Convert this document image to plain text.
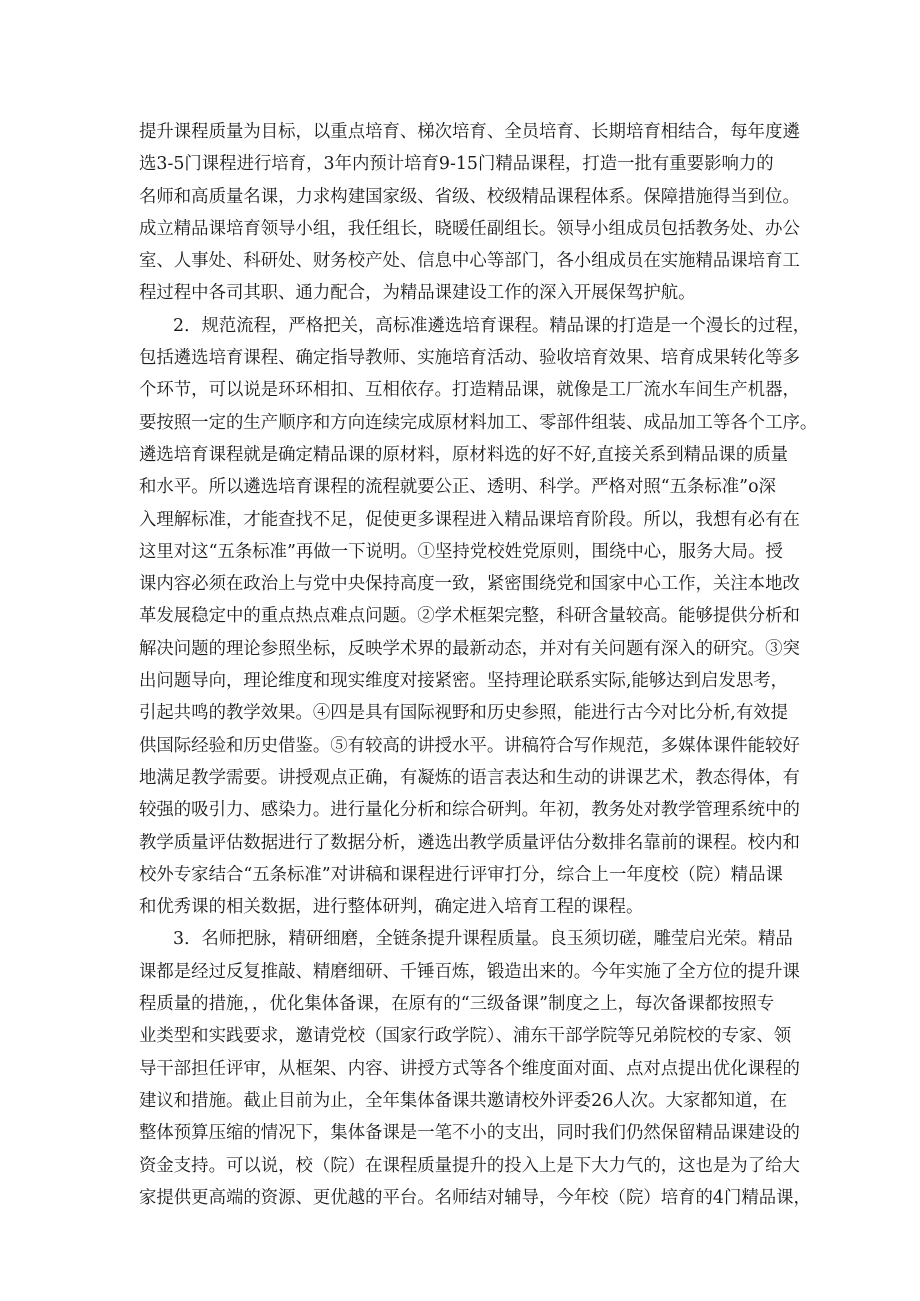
提升课程质量为目标，以重点培育、梯次培育、全员培育、长期培育相结合，每年度遴
选3-5门课程进行培育，3年内预计培育9-15门精品课程，打造一批有重要影响力的
名师和高质量名课，力求构建国家级、省级、校级精品课程体系。保障措施得当到位。
成立精品课培育领导小组，我任组长，晓暖任副组长。领导小组成员包括教务处、办公
室、人事处、科研处、财务校产处、信息中心等部门，各小组成员在实施精品课培育工
程过程中各司其职、通力配合，为精品课建设工作的深入开展保驾护航。
2．规范流程，严格把关，高标准遴选培育课程。精品课的打造是一个漫长的过程，
包括遴选培育课程、确定指导教师、实施培育活动、验收培育效果、培育成果转化等多
个环节，可以说是环环相扣、互相依存。打造精品课，就像是工厂流水车间生产机器，
要按照一定的生产顺序和方向连续完成原材料加工、零部件组装、成品加工等各个工序。
遴选培育课程就是确定精品课的原材料，原材料选的好不好,直接关系到精品课的质量
和水平。所以遴选培育课程的流程就要公正、透明、科学。严格对照“五条标准”o深
入理解标准，才能查找不足，促使更多课程进入精品课培育阶段。所以，我想有必有在
这里对这“五条标准”再做一下说明。①坚持党校姓党原则，围绕中心，服务大局。授
课内容必须在政治上与党中央保持高度一致，紧密围绕党和国家中心工作，关注本地改
革发展稳定中的重点热点难点问题。②学术框架完整，科研含量较高。能够提供分析和
解决问题的理论参照坐标，反映学术界的最新动态，并对有关问题有深入的研究。③突
出问题导向，理论维度和现实维度对接紧密。坚持理论联系实际,能够达到启发思考，
引起共鸣的教学效果。④四是具有国际视野和历史参照，能进行古今对比分析,有效提
供国际经验和历史借鉴。⑤有较高的讲授水平。讲稿符合写作规范，多媒体课件能较好
地满足教学需要。讲授观点正确，有凝炼的语言表达和生动的讲课艺术，教态得体，有
较强的吸引力、感染力。进行量化分析和综合研判。年初，教务处对教学管理系统中的
教学质量评估数据进行了数据分析，遴选出教学质量评估分数排名靠前的课程。校内和
校外专家结合“五条标准”对讲稿和课程进行评审打分，综合上一年度校（院）精品课
和优秀课的相关数据，进行整体研判，确定进入培育工程的课程。
3．名师把脉，精研细磨，全链条提升课程质量。良玉须切磋，雕莹启光荣。精品
课都是经过反复推敲、精磨细研、千锤百炼，锻造出来的。今年实施了全方位的提升课
程质量的措施，，优化集体备课，在原有的“三级备课”制度之上，每次备课都按照专
业类型和实践要求，邀请党校（国家行政学院）、浦东干部学院等兄弟院校的专家、领
导干部担任评审，从框架、内容、讲授方式等各个维度面对面、点对点提出优化课程的
建议和措施。截止目前为止，全年集体备课共邀请校外评委26人次。大家都知道，在
整体预算压缩的情况下，集体备课是一笔不小的支出，同时我们仍然保留精品课建设的
资金支持。可以说，校（院）在课程质量提升的投入上是下大力气的，这也是为了给大
家提供更高端的资源、更优越的平台。名师结对辅导，今年校（院）培育的4门精品课，
